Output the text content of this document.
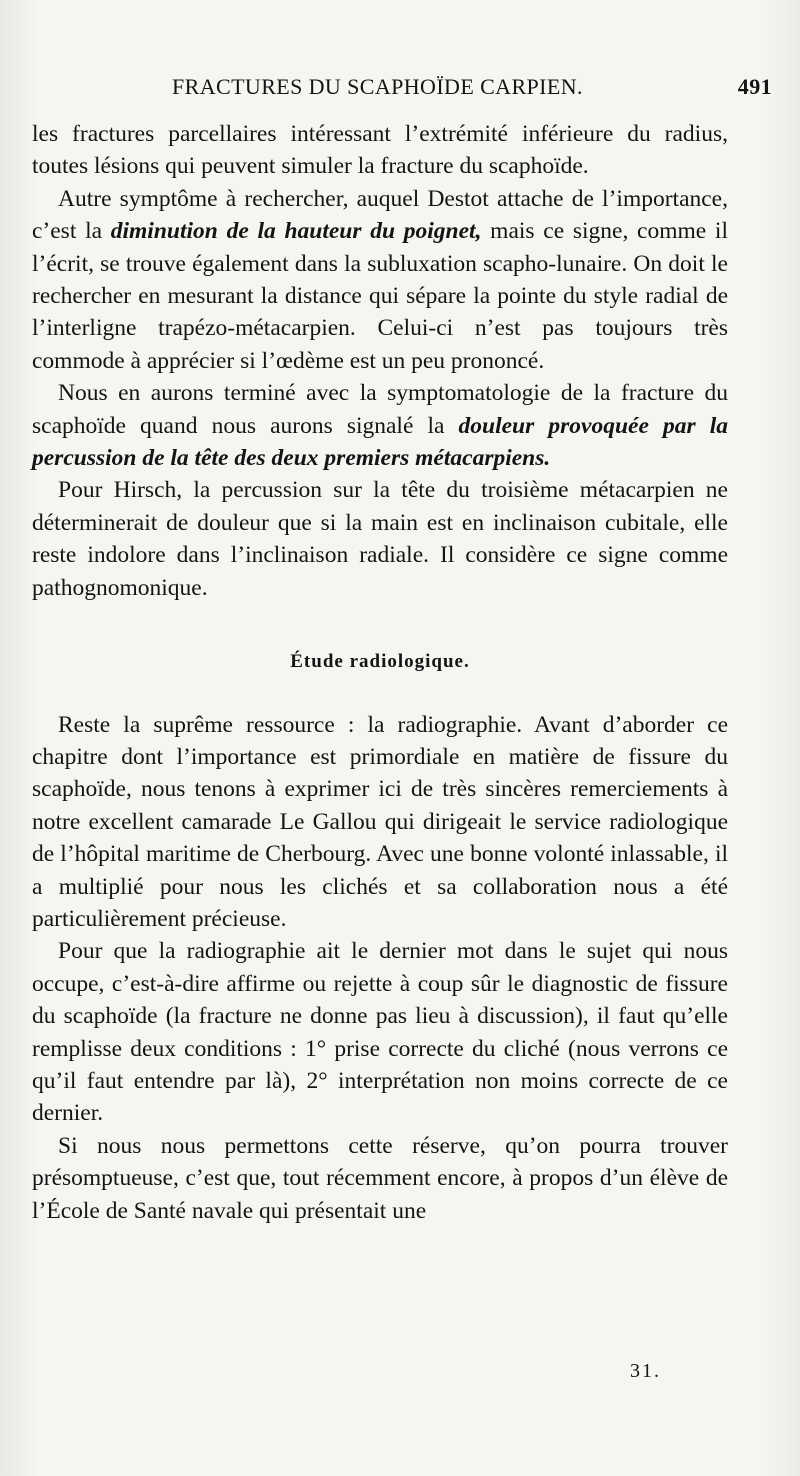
FRACTURES DU SCAPHOÏDE CARPIEN.	491

les fractures parcellaires intéressant l’extrémité inférieure du radius, toutes lésions qui peuvent simuler la fracture du scaphoïde.

Autre symptôme à rechercher, auquel Destot attache de l’importance, c’est la diminution de la hauteur du poignet, mais ce signe, comme il l’écrit, se trouve également dans la subluxation scapho-lunaire. On doit le rechercher en mesurant la distance qui sépare la pointe du style radial de l’interligne trapézo-métacarpien. Celui-ci n’est pas toujours très commode à apprécier si l’œdème est un peu prononcé.

Nous en aurons terminé avec la symptomatologie de la fracture du scaphoïde quand nous aurons signalé la douleur provoquée par la percussion de la tête des deux premiers métacarpiens.

Pour Hirsch, la percussion sur la tête du troisième métacarpien ne déterminerait de douleur que si la main est en inclinaison cubitale, elle reste indolore dans l’inclinaison radiale. Il considère ce signe comme pathognomonique.

Étude radiologique.

Reste la suprême ressource : la radiographie. Avant d’aborder ce chapitre dont l’importance est primordiale en matière de fissure du scaphoïde, nous tenons à exprimer ici de très sincères remerciements à notre excellent camarade Le Gallou qui dirigeait le service radiologique de l’hôpital maritime de Cherbourg. Avec une bonne volonté inlassable, il a multiplié pour nous les clichés et sa collaboration nous a été particulièrement précieuse.

Pour que la radiographie ait le dernier mot dans le sujet qui nous occupe, c’est-à-dire affirme ou rejette à coup sûr le diagnostic de fissure du scaphoïde (la fracture ne donne pas lieu à discussion), il faut qu’elle remplisse deux conditions : 1° prise correcte du cliché (nous verrons ce qu’il faut entendre par là), 2° interprétation non moins correcte de ce dernier.

Si nous nous permettons cette réserve, qu’on pourra trouver présomptueuse, c’est que, tout récemment encore, à propos d’un élève de l’École de Santé navale qui présentait une

31.
